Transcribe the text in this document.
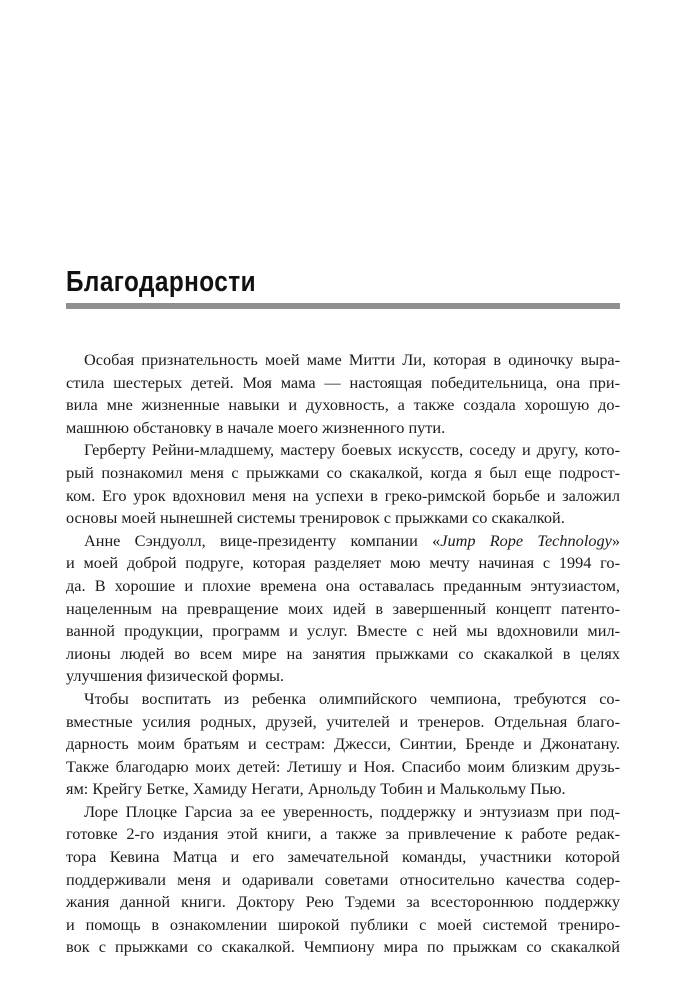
Благодарности
Особая признательность моей маме Митти Ли, которая в одиночку выра-
стила шестерых детей. Моя мама — настоящая победительница, она при-
вила мне жизненные навыки и духовность, а также создала хорошую до-
машнюю обстановку в начале моего жизненного пути.
Герберту Рейни-младшему, мастеру боевых искусств, соседу и другу, кото-
рый познакомил меня с прыжками со скакалкой, когда я был еще подрост-
ком. Его урок вдохновил меня на успехи в греко-римской борьбе и заложил
основы моей нынешней системы тренировок с прыжками со скакалкой.
Анне Сэндуолл, вице-президенту компании «Jump Rope Technology»
и моей доброй подруге, которая разделяет мою мечту начиная с 1994 го-
да. В хорошие и плохие времена она оставалась преданным энтузиастом,
нацеленным на превращение моих идей в завершенный концепт патенто-
ванной продукции, программ и услуг. Вместе с ней мы вдохновили мил-
лионы людей во всем мире на занятия прыжками со скакалкой в целях
улучшения физической формы.
Чтобы воспитать из ребенка олимпийского чемпиона, требуются со-
вместные усилия родных, друзей, учителей и тренеров. Отдельная благо-
дарность моим братьям и сестрам: Джесси, Синтии, Бренде и Джонатану.
Также благодарю моих детей: Летишу и Ноя. Спасибо моим близким друзь-
ям: Крейгу Бетке, Хамиду Негати, Арнольду Тобин и Малькольму Пью.
Лоре Плоцке Гарсиа за ее уверенность, поддержку и энтузиазм при под-
готовке 2-го издания этой книги, а также за привлечение к работе редак-
тора Кевина Матца и его замечательной команды, участники которой
поддерживали меня и одаривали советами относительно качества содер-
жания данной книги. Доктору Рею Тэдеми за всестороннюю поддержку
и помощь в ознакомлении широкой публики с моей системой трениро-
вок с прыжками со скакалкой. Чемпиону мира по прыжкам со скакалкой
